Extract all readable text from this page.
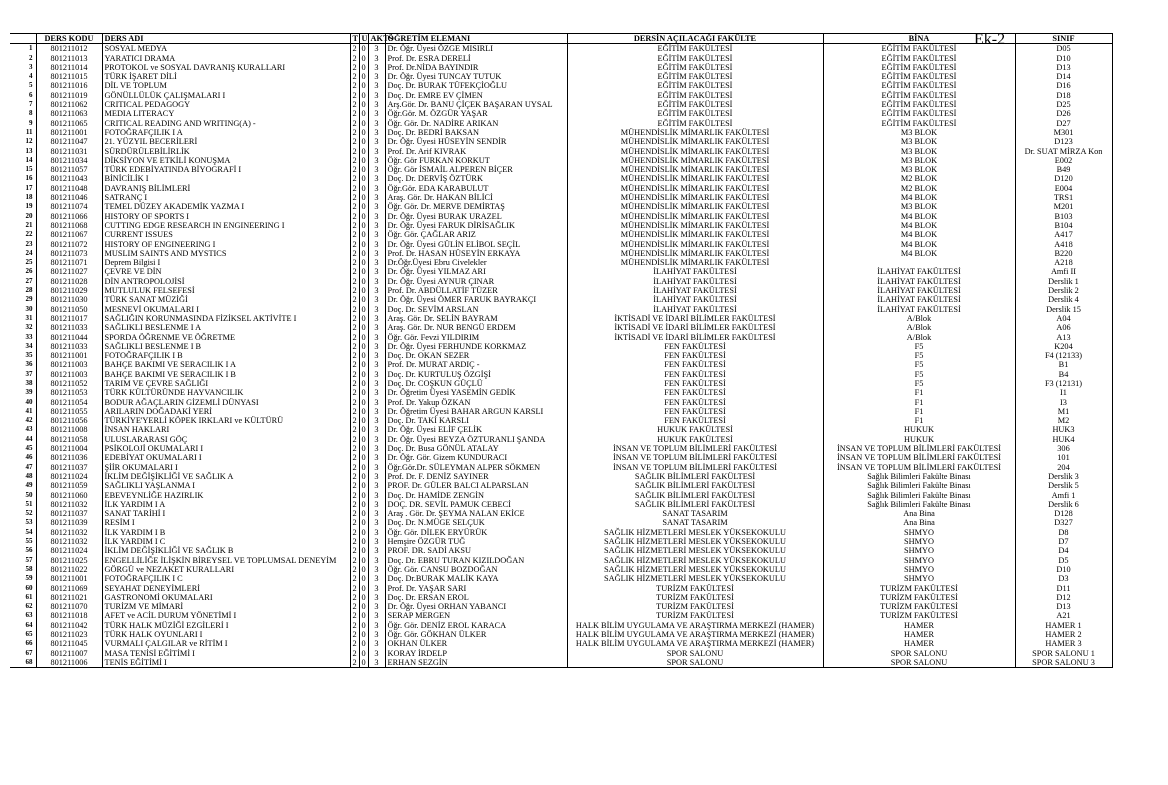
Ek-2
	DERS KODU	DERS ADI	T	U	AKTS	ÖĞRETİM ELEMANI	DERSİN AÇILACAĞI FAKÜLTE	BİNA	SINIF
1	801211012	SOSYAL MEDYA	2	0	3	Dr. Öğr. Üyesi ÖZGE MISIRLI	EĞİTİM FAKÜLTESİ	EĞİTİM FAKÜLTESİ	D05
2	801211013	YARATICI DRAMA	2	0	3	Prof. Dr. ESRA DERELİ	EĞİTİM FAKÜLTESİ	EĞİTİM FAKÜLTESİ	D10
3	801211014	PROTOKOL ve SOSYAL DAVRANIŞ KURALLARI	2	0	3	Prof. Dr.NİDA BAYINDIR	EĞİTİM FAKÜLTESİ	EĞİTİM FAKÜLTESİ	D13
4	801211015	TÜRK İŞARET DİLİ	2	0	3	Dr. Öğr. Üyesi TUNCAY TUTUK	EĞİTİM FAKÜLTESİ	EĞİTİM FAKÜLTESİ	D14
5	801211016	DİL VE TOPLUM	2	0	3	Doç. Dr. BURAK TÜFEKÇİOĞLU	EĞİTİM FAKÜLTESİ	EĞİTİM FAKÜLTESİ	D16
6	801211019	GÖNÜLLÜLÜK ÇALIŞMALARI I	2	0	3	Doç. Dr. EMRE EV ÇİMEN	EĞİTİM FAKÜLTESİ	EĞİTİM FAKÜLTESİ	D18
7	801211062	CRITICAL PEDAGOGY	2	0	3	Arş.Gör. Dr. BANU ÇİÇEK BAŞARAN UYSAL	EĞİTİM FAKÜLTESİ	EĞİTİM FAKÜLTESİ	D25
8	801211063	MEDIA LITERACY	2	0	3	Öğr.Gör. M. ÖZGÜR YAŞAR	EĞİTİM FAKÜLTESİ	EĞİTİM FAKÜLTESİ	D26
9	801211065	CRITICAL READING AND WRITING(A) -	2	0	3	Öğr. Gör. Dr. NADİRE ARIKAN	EĞİTİM FAKÜLTESİ	EĞİTİM FAKÜLTESİ	D27
11	801211001	FOTOĞRAFÇILIK I A	2	0	3	Doç. Dr. BEDRİ BAKSAN	MÜHENDİSLİK MİMARLIK FAKÜLTESİ	M3 BLOK	M301
12	801211047	21. YÜZYIL BECERİLERİ	2	0	3	Dr. Öğr. Üyesi HÜSEYİN SENDİR	MÜHENDİSLİK MİMARLIK FAKÜLTESİ	M3 BLOK	D123
13	801211031	SÜRDÜRÜLEBİLİRLİK	2	0	3	Prof. Dr. Arif KIVRAK	MÜHENDİSLİK MİMARLIK FAKÜLTESİ	M3 BLOK	Dr. SUAT MİRZA Kon
14	801211034	DİKSİYON VE ETKİLİ KONUŞMA	2	0	3	Öğr. Gör FURKAN KORKUT	MÜHENDİSLİK MİMARLIK FAKÜLTESİ	M3 BLOK	E002
15	801211057	TÜRK EDEBİYATINDA BİYOGRAFİ I	2	0	3	Öğr. Gör İSMAİL ALPEREN BİÇER	MÜHENDİSLİK MİMARLIK FAKÜLTESİ	M3 BLOK	B49
16	801211043	BİNİCİLİK I	2	0	3	Doç. Dr. DERVİŞ ÖZTÜRK	MÜHENDİSLİK MİMARLIK FAKÜLTESİ	M2 BLOK	D120
17	801211048	DAVRANIŞ BİLİMLERİ	2	0	3	Öğr.Gör. EDA KARABULUT	MÜHENDİSLİK MİMARLIK FAKÜLTESİ	M2 BLOK	E004
18	801211046	SATRANÇ I	2	0	3	Araş. Gör. Dr. HAKAN BİLİCİ	MÜHENDİSLİK MİMARLIK FAKÜLTESİ	M4 BLOK	TRS1
19	801211074	TEMEL DÜZEY AKADEMİK YAZMA I	2	0	3	Öğr. Gör. Dr. MERVE DEMİRTAŞ	MÜHENDİSLİK MİMARLIK FAKÜLTESİ	M3 BLOK	M201
20	801211066	HISTORY OF SPORTS I	2	0	3	Dr. Öğr. Üyesi BURAK URAZEL	MÜHENDİSLİK MİMARLIK FAKÜLTESİ	M4 BLOK	B103
21	801211068	CUTTING EDGE RESEARCH IN ENGINEERING I	2	0	3	Dr. Öğr. Üyesi FARUK DİRİSAĞLIK	MÜHENDİSLİK MİMARLIK FAKÜLTESİ	M4 BLOK	B104
22	801211067	CURRENT ISSUES	2	0	3	Öğr. Gör. ÇAĞLAR ARIZ	MÜHENDİSLİK MİMARLIK FAKÜLTESİ	M4 BLOK	A417
23	801211072	HISTORY OF ENGINEERING I	2	0	3	Dr. Öğr. Üyesi GÜLİN ELİBOL SEÇİL	MÜHENDİSLİK MİMARLIK FAKÜLTESİ	M4 BLOK	A418
24	801211073	MUSLIM SAINTS AND MYSTICS	2	0	3	Prof. Dr. HASAN HÜSEYİN ERKAYA	MÜHENDİSLİK MİMARLIK FAKÜLTESİ	M4 BLOK	B220
25	801211071	Deprem Bilgisi I	2	0	3	Dr.Öğr.Üyesi Ebru Civelekler	MÜHENDİSLİK MİMARLIK FAKÜLTESİ		A218
26	801211027	ÇEVRE VE DİN	2	0	3	Dr. Öğr. Üyesi YILMAZ ARI	İLAHİYAT FAKÜLTESİ	İLAHİYAT FAKÜLTESİ	Amfi II
27	801211028	DİN ANTROPOLOJİSİ	2	0	3	Dr. Öğr. Üyesi AYNUR ÇINAR	İLAHİYAT FAKÜLTESİ	İLAHİYAT FAKÜLTESİ	Derslik 1
28	801211029	MUTLULUK FELSEFESİ	2	0	3	Prof. Dr. ABDÜLLATİF TÜZER	İLAHİYAT FAKÜLTESİ	İLAHİYAT FAKÜLTESİ	Derslik 2
29	801211030	TÜRK SANAT MÜZİĞİ	2	0	3	Dr. Öğr. Üyesi ÖMER FARUK BAYRAKÇI	İLAHİYAT FAKÜLTESİ	İLAHİYAT FAKÜLTESİ	Derslik 4
30	801211050	MESNEVİ OKUMALARI I	2	0	3	Doç. Dr. SEVİM ARSLAN	İLAHİYAT FAKÜLTESİ	İLAHİYAT FAKÜLTESİ	Derslik 15
31	801211017	SAĞLIĞIN KORUNMASINDA FİZİKSEL AKTİVİTE I	2	0	3	Araş. Gör. Dr. SELİN BAYRAM	İKTİSADİ VE İDARİ BİLİMLER FAKÜLTESİ	A/Blok	A04
32	801211033	SAĞLIKLI BESLENME I A	2	0	3	Araş. Gör. Dr. NUR BENGÜ ERDEM	İKTİSADİ VE İDARİ BİLİMLER FAKÜLTESİ	A/Blok	A06
33	801211044	SPORDA ÖĞRENME VE ÖĞRETME	2	0	3	Öğr. Gör. Fevzi YILDIRIM	İKTİSADİ VE İDARİ BİLİMLER FAKÜLTESİ	A/Blok	A13
34	801211033	SAĞLIKLI BESLENME I B	2	0	3	Dr. Öğr. Üyesi FERHUNDE KORKMAZ	FEN FAKÜLTESİ	F5	K204
35	801211001	FOTOĞRAFÇILIK I B	2	0	3	Doç. Dr. OKAN SEZER	FEN FAKÜLTESİ	F5	F4 (12133)
36	801211003	BAHÇE BAKIMI VE SERACILIK I A	2	0	3	Prof. Dr. MURAT ARDIÇ -	FEN FAKÜLTESİ	F5	B1
37	801211003	BAHÇE BAKIMI VE SERACILIK I B	2	0	3	Doç. Dr. KURTULUŞ ÖZGİŞİ	FEN FAKÜLTESİ	F5	B4
38	801211052	TARIM VE ÇEVRE SAĞLIĞI	2	0	3	Doç. Dr. COŞKUN GÜÇLÜ	FEN FAKÜLTESİ	F5	F3 (12131)
39	801211053	TÜRK KÜLTÜRÜNDE HAYVANCILIK	2	0	3	Dr. Öğretim Üyesi YASEMİN GEDİK	FEN FAKÜLTESİ	F1	I1
40	801211054	BODUR AĞAÇLARIN GİZEMLİ DÜNYASI	2	0	3	Prof. Dr. Yakup ÖZKAN	FEN FAKÜLTESİ	F1	I3
41	801211055	ARILARIN DOĞADAKİ YERİ	2	0	3	Dr. Öğretim Üyesi BAHAR ARGUN KARSLI	FEN FAKÜLTESİ	F1	M1
42	801211056	TÜRKİYE'YERLİ KÖPEK IRKLARI ve KÜLTÜRÜ	2	0	3	Doç. Dr. TAKİ KARSLI	FEN FAKÜLTESİ	F1	M2
43	801211008	İNSAN HAKLARI	2	0	3	Dr. Öğr. Üyesi ELİF ÇELİK	HUKUK FAKÜLTESİ	HUKUK	HUK3
44	801211058	ULUSLARARASI GÖÇ	2	0	3	Dr. Öğr. Üyesi BEYZA ÖZTURANLI ŞANDA	HUKUK FAKÜLTESİ	HUKUK	HUK4
45	801211004	PSİKOLOJİ OKUMALARI I	2	0	3	Doç. Dr. Busa GÖNÜL ATALAY	İNSAN VE TOPLUM BİLİMLERİ FAKÜLTESİ	İNSAN VE TOPLUM BİLİMLERİ FAKÜLTESİ	306
46	801211036	EDEBİYAT OKUMALARI I	2	0	3	Dr. Öğr. Gör. Gizem KUNDURACI	İNSAN VE TOPLUM BİLİMLERİ FAKÜLTESİ	İNSAN VE TOPLUM BİLİMLERİ FAKÜLTESİ	101
47	801211037	ŞİİR OKUMALARI I	2	0	3	Öğr.Gör.Dr. SÜLEYMAN ALPER SÖKMEN	İNSAN VE TOPLUM BİLİMLERİ FAKÜLTESİ	İNSAN VE TOPLUM BİLİMLERİ FAKÜLTESİ	204
48	801211024	İKLİM DEĞİŞİKLİĞİ VE SAĞLIK A	2	0	3	Prof. Dr. F. DENİZ SAYINER	SAĞLIK BİLİMLERİ FAKÜLTESİ	Sağlık Bilimleri Fakülte Binası	Derslik 3
49	801211059	SAĞLIKLI YAŞLANMA I	2	0	3	PROF. Dr. GÜLER BALCI ALPARSLAN	SAĞLIK BİLİMLERİ FAKÜLTESİ	Sağlık Bilimleri Fakülte Binası	Derslik 5
50	801211060	EBEVEYNLİĞE HAZIRLIK	2	0	3	Doç. Dr. HAMİDE ZENGİN	SAĞLIK BİLİMLERİ FAKÜLTESİ	Sağlık Bilimleri Fakülte Binası	Amfi 1
51	801211032	İLK YARDIM I A	2	0	3	DOÇ. DR. SEVİL PAMUK CEBECİ	SAĞLIK BİLİMLERİ FAKÜLTESİ	Sağlık Bilimleri Fakülte Binası	Derslik 6
52	801211037	SANAT TARİHİ I	2	0	3	Araş . Gör. Dr. ŞEYMA NALAN EKİCE	SANAT TASARIM	Ana Bina	D128
53	801211039	RESİM I	2	0	3	Doç. Dr. N.MÜGE SELÇUK	SANAT TASARIM	Ana Bina	D327
54	801211032	İLK YARDIM I B	2	0	3	Öğr. Gör. DİLEK ERYÜRÜK	SAĞLIK HİZMETLERİ MESLEK YÜKSEKOKULU	SHMYO	D8
55	801211032	İLK YARDIM I C	2	0	3	Hemşire ÖZGÜR TUĞ	SAĞLIK HİZMETLERİ MESLEK YÜKSEKOKULU	SHMYO	D7
56	801211024	İKLİM DEĞİŞİKLİĞİ VE SAĞLIK B	2	0	3	PROF. DR. SADİ AKSU	SAĞLIK HİZMETLERİ MESLEK YÜKSEKOKULU	SHMYO	D4
57	801211025	ENGELLİLİĞE İLİŞKİN BİREYSEL VE TOPLUMSAL DENEYİM	2	0	3	Doç. Dr. EBRU TURAN KIZILDOĞAN	SAĞLIK HİZMETLERİ MESLEK YÜKSEKOKULU	SHMYO	D5
58	801211022	GÖRGÜ ve NEZAKET KURALLARI	2	0	3	Öğr. Gör. CANSU BOZDOĞAN	SAĞLIK HİZMETLERİ MESLEK YÜKSEKOKULU	SHMYO	D10
59	801211001	FOTOĞRAFÇILIK I C	2	0	3	Doç. Dr.BURAK MALİK KAYA	SAĞLIK HİZMETLERİ MESLEK YÜKSEKOKULU	SHMYO	D3
60	801211069	SEYAHAT DENEYİMLERİ	2	0	3	Prof. Dr. YAŞAR SARI	TURİZM FAKÜLTESİ	TURİZM FAKÜLTESİ	D11
61	801211021	GASTRONOMİ OKUMALARI	2	0	3	Doç. Dr. ERSAN EROL	TURİZM FAKÜLTESİ	TURİZM FAKÜLTESİ	D12
62	801211070	TURİZM VE MİMARİ	2	0	3	Dr. Öğr. Üyesi ORHAN YABANCI	TURİZM FAKÜLTESİ	TURİZM FAKÜLTESİ	D13
63	801211018	AFET ve ACİL DURUM YÖNETİMİ I	2	0	3	SERAP MERGEN	TURİZM FAKÜLTESİ	TURİZM FAKÜLTESİ	A21
64	801211042	TÜRK HALK MÜZİĞİ EZGİLERİ I	2	0	3	Öğr. Gör. DENİZ EROL KARACA	HALK BİLİM UYGULAMA VE ARAŞTIRMA MERKEZİ (HAMER)	HAMER	HAMER 1
65	801211023	TÜRK HALK OYUNLARI I	2	0	3	Öğr. Gör. GÖKHAN ÜLKER	HALK BİLİM UYGULAMA VE ARAŞTIRMA MERKEZİ (HAMER)	HAMER	HAMER 2
66	801211045	VURMALI ÇALGILAR ve RİTİM I	2	0	3	OKHAN ÜLKER	HALK BİLİM UYGULAMA VE ARAŞTIRMA MERKEZİ (HAMER)	HAMER	HAMER 3
67	801211007	MASA TENİSİ EĞİTİMİ I	2	0	3	KORAY İRDELP	SPOR SALONU	SPOR SALONU	SPOR SALONU 1
68	801211006	TENİS EĞİTİMİ I	2	0	3	ERHAN SEZGİN	SPOR SALONU	SPOR SALONU	SPOR SALONU 3
